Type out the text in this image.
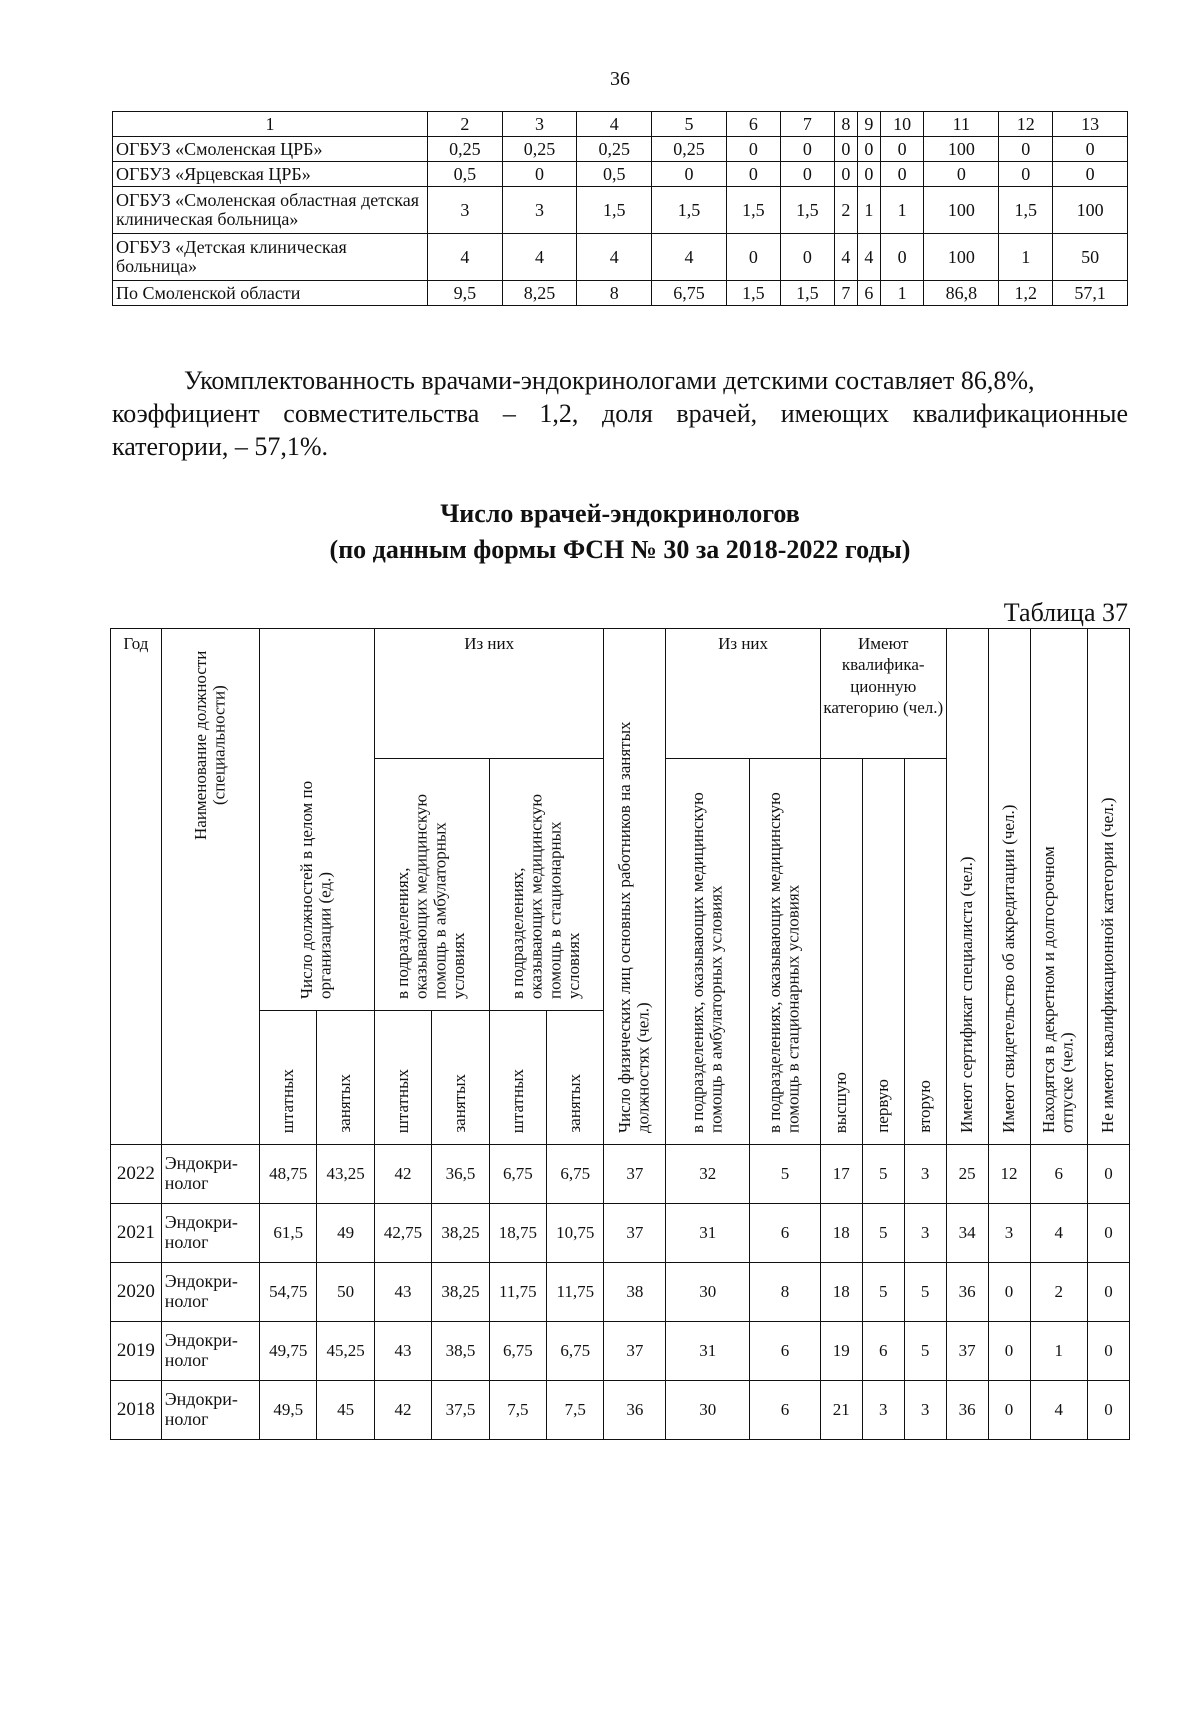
36
1	2	3	4	5	6	7	8	9	10	11	12	13
ОГБУЗ «Смоленская ЦРБ»	0,25	0,25	0,25	0,25	0	0	0	0	0	100	0	0
ОГБУЗ «Ярцевская ЦРБ»	0,5	0	0,5	0	0	0	0	0	0	0	0	0
ОГБУЗ «Смоленская областная детская клиническая больница»	3	3	1,5	1,5	1,5	1,5	2	1	1	100	1,5	100
ОГБУЗ «Детская клиническая больница»	4	4	4	4	0	0	4	4	0	100	1	50
По Смоленской области	9,5	8,25	8	6,75	1,5	1,5	7	6	1	86,8	1,2	57,1
Укомплектованность врачами-эндокринологами детскими составляет 86,8%,
коэффициент совместительства – 1,2, доля врачей, имеющих квалификационные категории, – 57,1%.
Число врачей-эндокринологов
(по данным формы ФСН № 30 за 2018-2022 годы)
Таблица 37
Год	Наименование должности (специальности)	Число должностей в целом по организации (ед.)		Из них				Число физических лиц основных работников на занятых должностях (чел.)	Из них		Имеют квалифика-ционную категорию (чел.)			Имеют сертификат специалиста (чел.)	Имеют свидетельство об аккредитации (чел.)	Находятся в декретном и долгосрочном отпуске (чел.)	Не имеют квалификационной категории (чел.)
				в подразделениях, оказывающих медицинскую помощь в амбулаторных условиях		в подразделениях, оказывающих медицинскую помощь в стационарных условиях			в подразделениях, оказывающих медицинскую помощь в амбулаторных условиях	в подразделениях, оказывающих медицинскую помощь в стационарных условиях	высшую	первую	вторую				
		штатных	занятых	штатных	занятых	штатных	занятых										
2022	Эндокри-нолог	48,75	43,25	42	36,5	6,75	6,75	37	32	5	17	5	3	25	12	6	0
2021	Эндокри-нолог	61,5	49	42,75	38,25	18,75	10,75	37	31	6	18	5	3	34	3	4	0
2020	Эндокри-нолог	54,75	50	43	38,25	11,75	11,75	38	30	8	18	5	5	36	0	2	0
2019	Эндокри-нолог	49,75	45,25	43	38,5	6,75	6,75	37	31	6	19	6	5	37	0	1	0
2018	Эндокри-нолог	49,5	45	42	37,5	7,5	7,5	36	30	6	21	3	3	36	0	4	0
